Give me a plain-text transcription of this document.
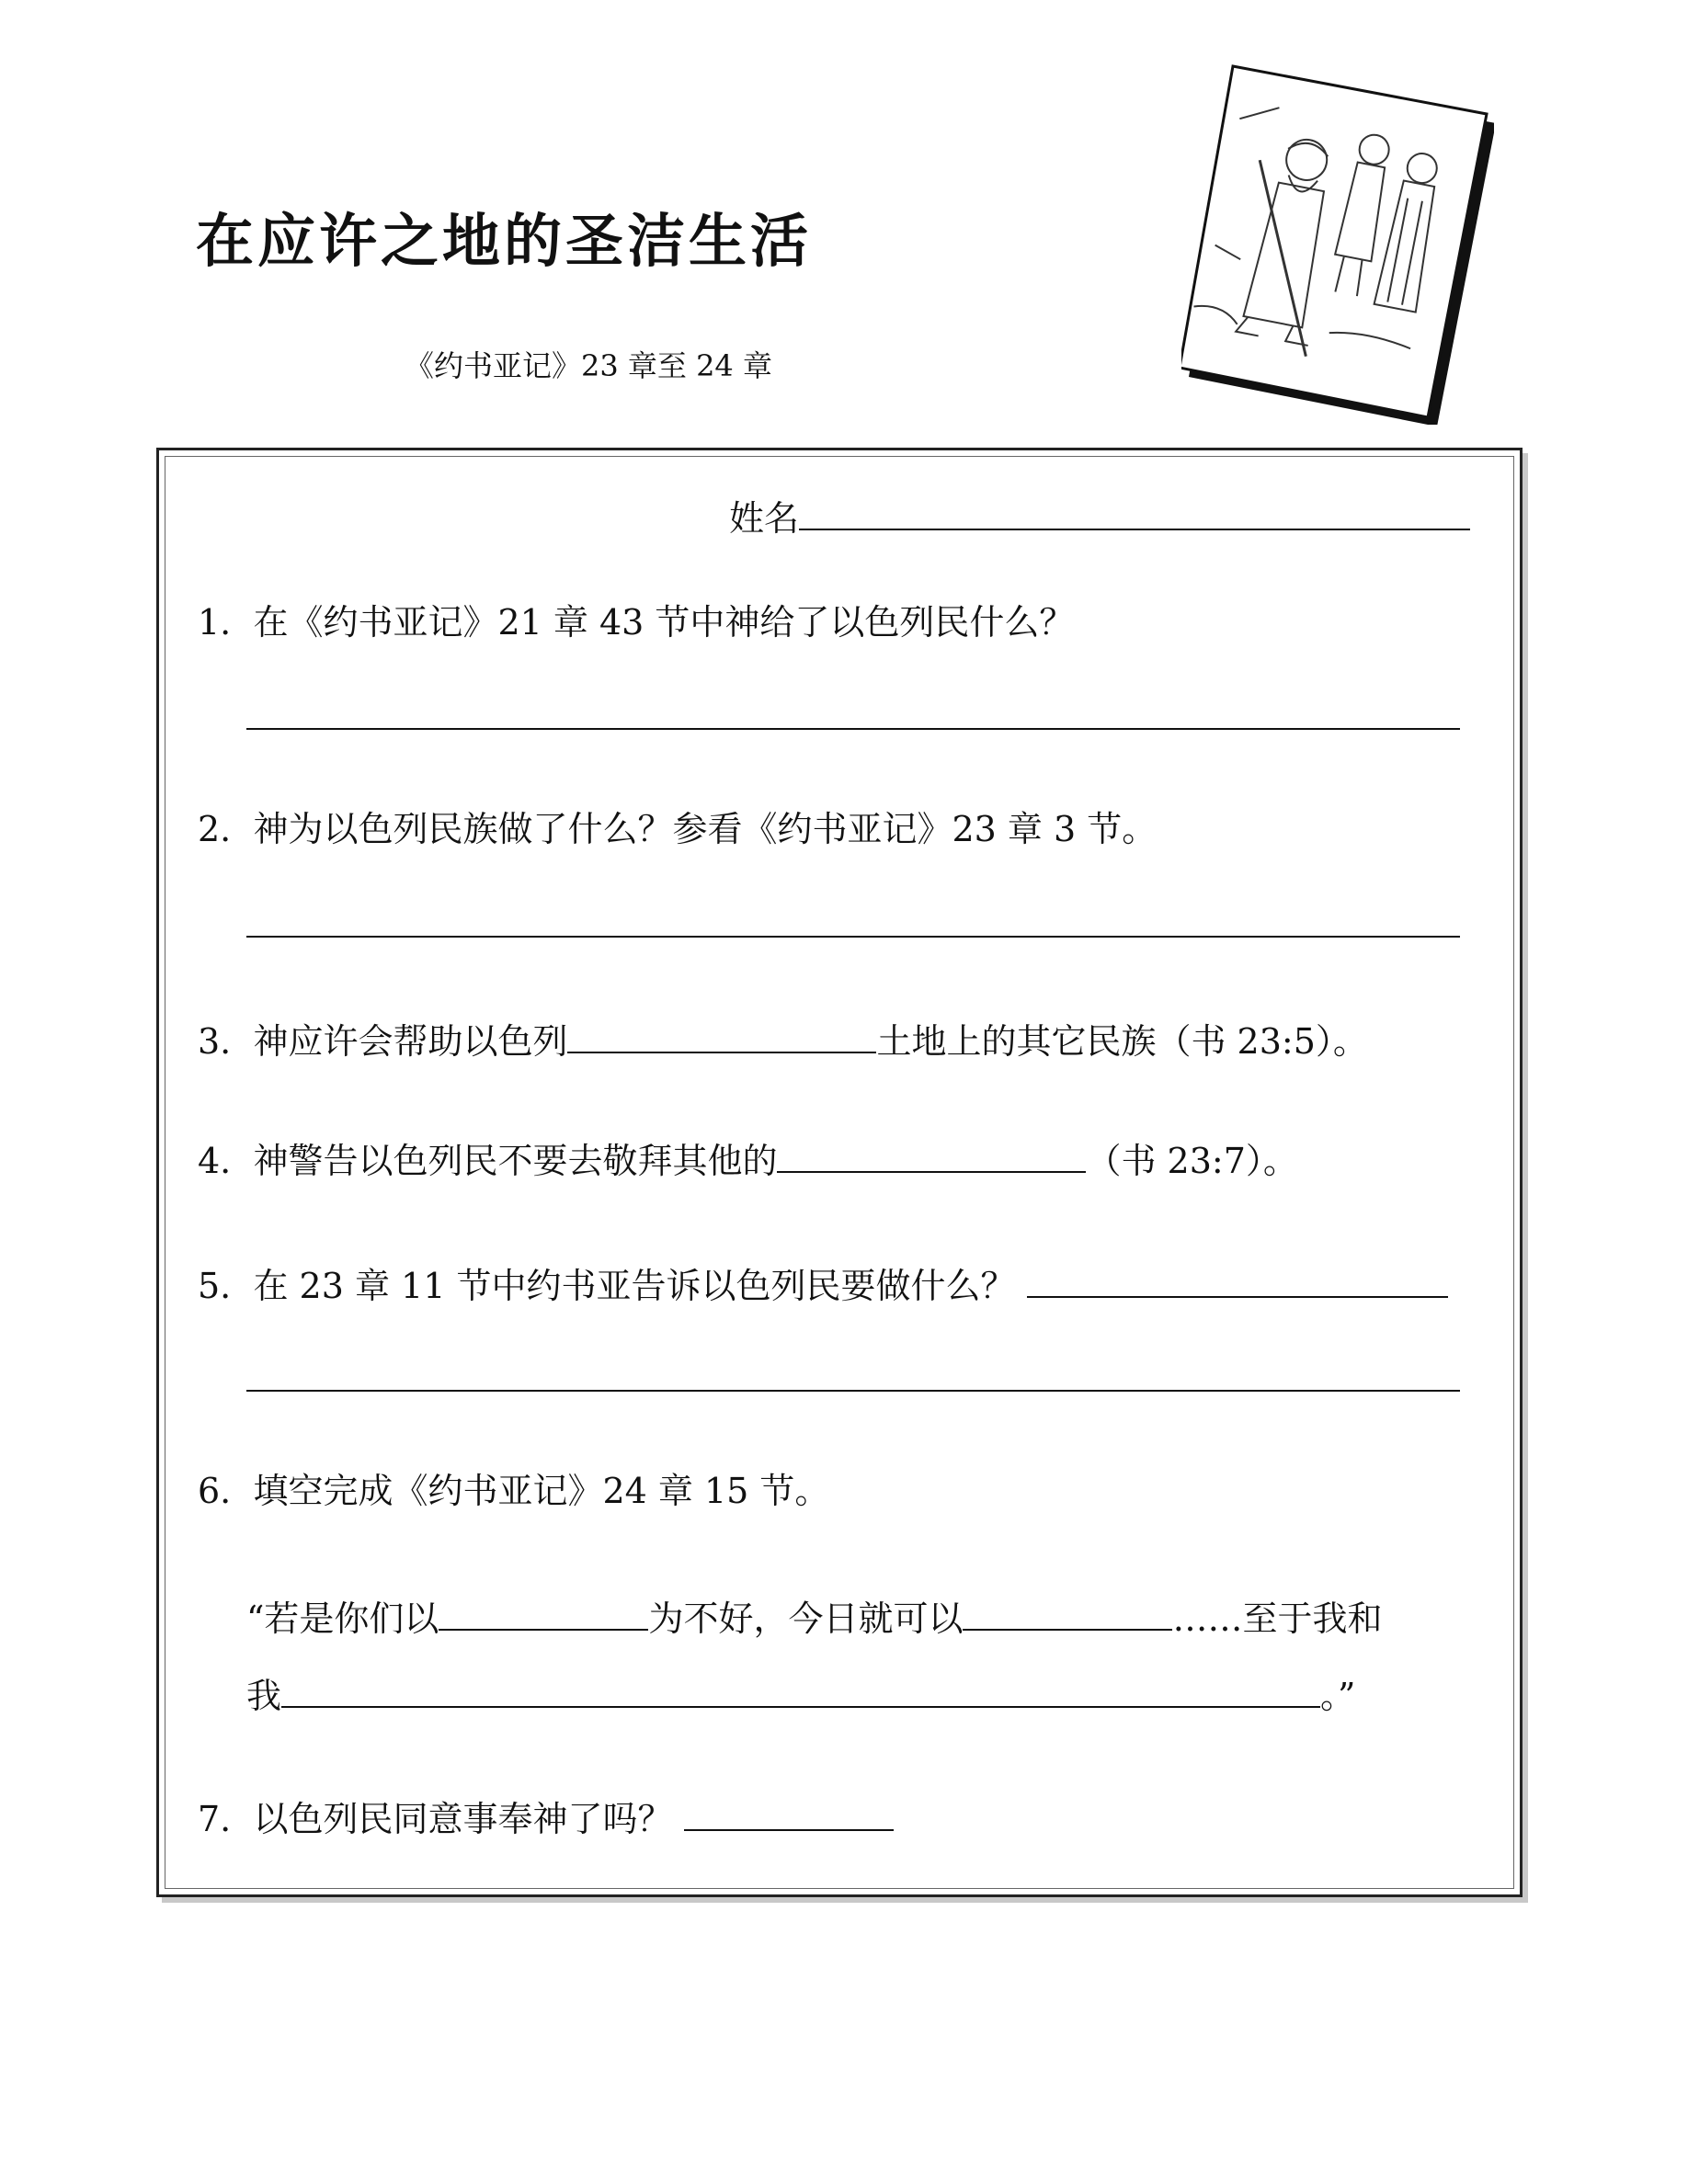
在应许之地的圣洁生活
《约书亚记》23 章至 24 章
姓名
1. 在《约书亚记》21 章 43 节中神给了以色列民什么？
2. 神为以色列民族做了什么？参看《约书亚记》23 章 3 节。
3. 神应许会帮助以色列	土地上的其它民族（书 23:5）。
4. 神警告以色列民不要去敬拜其他的	（书 23:7）。
5. 在 23 章 11 节中约书亚告诉以色列民要做什么？
6. 填空完成《约书亚记》24 章 15 节。
“若是你们以	为不好，今日就可以	……至于我和
我	。”
7. 以色列民同意事奉神了吗？
